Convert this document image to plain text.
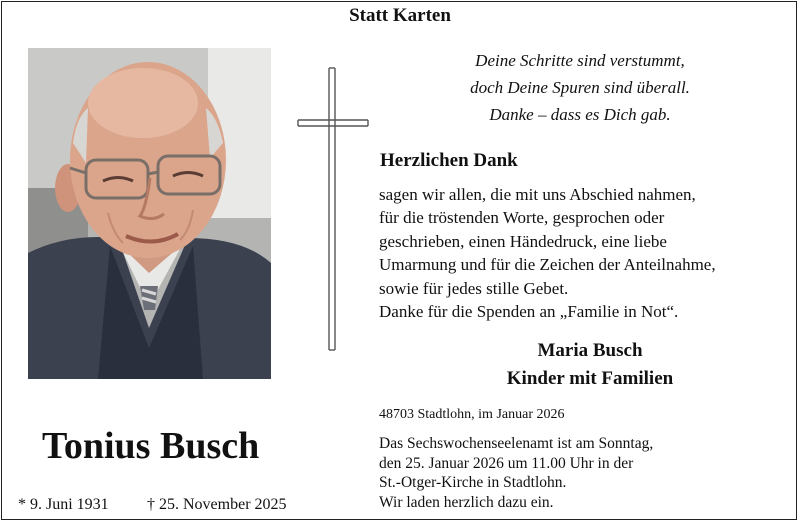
Statt Karten
Deine Schritte sind verstummt,
doch Deine Spuren sind überall.
Danke – dass es Dich gab.
Herzlichen Dank
sagen wir allen, die mit uns Abschied nahmen,
für die tröstenden Worte, gesprochen oder
geschrieben, einen Händedruck, eine liebe
Umarmung und für die Zeichen der Anteilnahme,
sowie für jedes stille Gebet.
Danke für die Spenden an „Familie in Not“.
Maria Busch
Kinder mit Familien
48703 Stadtlohn, im Januar 2026
Das Sechswochenseelenamt ist am Sonntag,
den 25. Januar 2026 um 11.00 Uhr in der
St.-Otger-Kirche in Stadtlohn.
Wir laden herzlich dazu ein.
Tonius Busch
* 9. Juni 1931 † 25. November 2025
